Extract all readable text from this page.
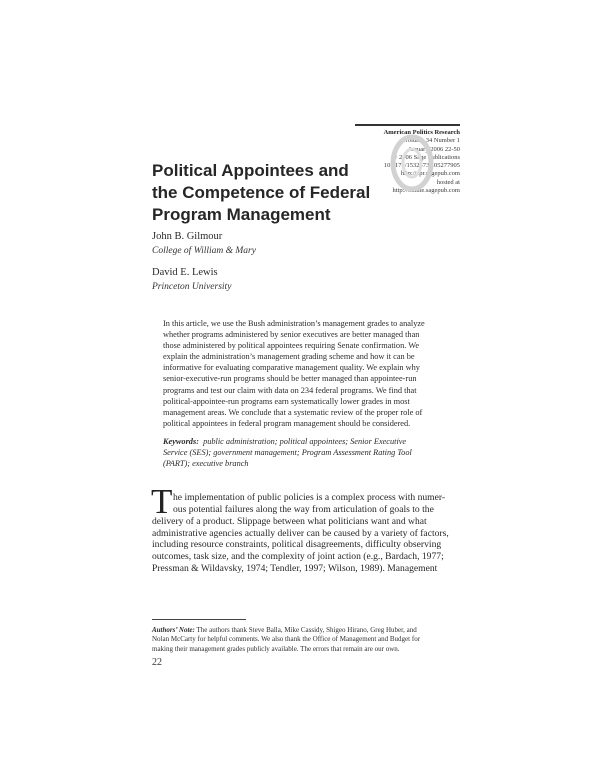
American Politics Research
Volume 34 Number 1
January 2006 22-50
© 2006 Sage Publications
10.1177/1532673X05277905
http://apr.sagepub.com
hosted at
http://online.sagepub.com
Political Appointees and
the Competence of Federal
Program Management
John B. Gilmour
College of William & Mary
David E. Lewis
Princeton University
In this article, we use the Bush administration’s management grades to analyze
whether programs administered by senior executives are better managed than
those administered by political appointees requiring Senate confirmation. We
explain the administration’s management grading scheme and how it can be
informative for evaluating comparative management quality. We explain why
senior-executive-run programs should be better managed than appointee-run
programs and test our claim with data on 234 federal programs. We find that
political-appointee-run programs earn systematically lower grades in most
management areas. We conclude that a systematic review of the proper role of
political appointees in federal program management should be considered.
Keywords: public administration; political appointees; Senior Executive
Service (SES); government management; Program Assessment Rating Tool
(PART); executive branch
T he implementation of public policies is a complex process with numer-
ous potential failures along the way from articulation of goals to the
delivery of a product. Slippage between what politicians want and what
administrative agencies actually deliver can be caused by a variety of factors,
including resource constraints, political disagreements, difficulty observing
outcomes, task size, and the complexity of joint action (e.g., Bardach, 1977;
Pressman & Wildavsky, 1974; Tendler, 1997; Wilson, 1989). Management
Authors’ Note: The authors thank Steve Balla, Mike Cassidy, Shigeo Hirano, Greg Huber, and
Nolan McCarty for helpful comments. We also thank the Office of Management and Budget for
making their management grades publicly available. The errors that remain are our own.
22
